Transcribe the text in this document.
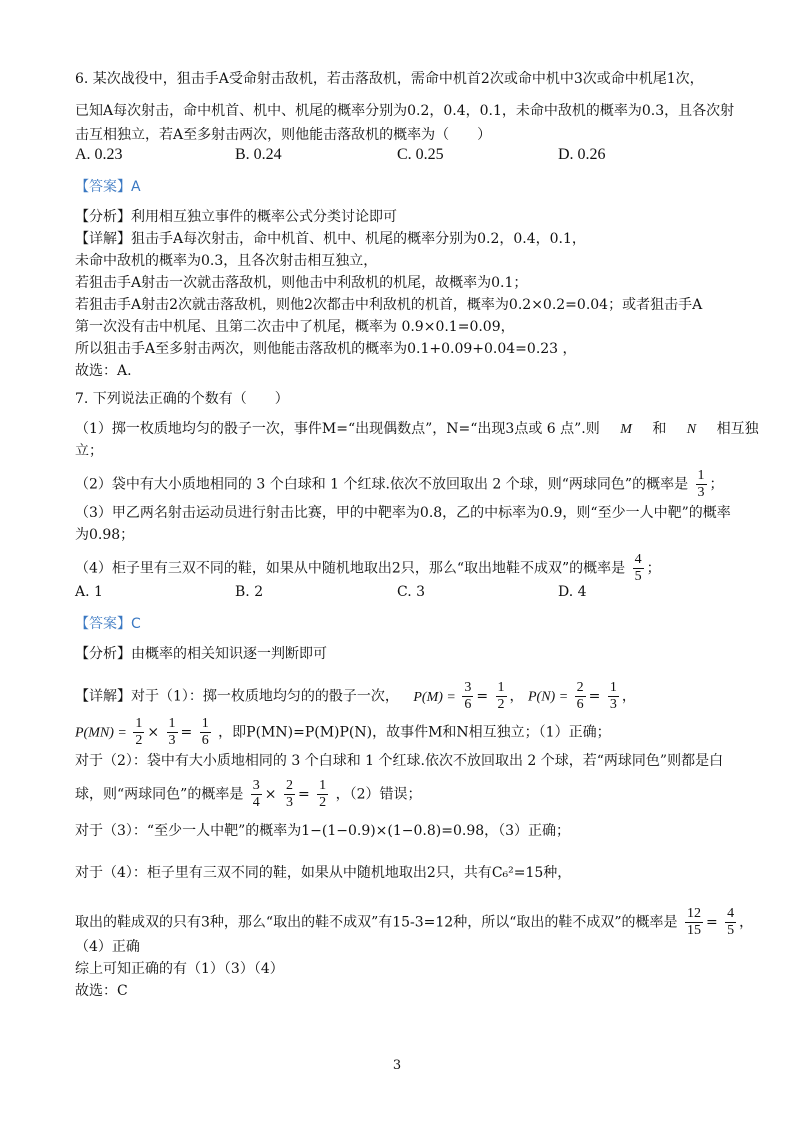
6. 某次战役中，狙击手A受命射击敌机，若击落敌机，需命中机首2次或命中机中3次或命中机尾1次，
已知A每次射击，命中机首、机中、机尾的概率分别为0.2，0.4，0.1，未命中敌机的概率为0.3，且各次射
击互相独立，若A至多射击两次，则他能击落敌机的概率为（　　）
A. 0.23	B. 0.24	C. 0.25	D. 0.26
【答案】A
【分析】利用相互独立事件的概率公式分类讨论即可
【详解】狙击手A每次射击，命中机首、机中、机尾的概率分别为0.2，0.4，0.1，
未命中敌机的概率为0.3，且各次射击相互独立，
若狙击手A射击一次就击落敌机，则他击中利敌机的机尾，故概率为0.1；
若狙击手A射击2次就击落敌机，则他2次都击中利敌机的机首，概率为0.2×0.2=0.04；或者狙击手A
第一次没有击中机尾、且第二次击中了机尾，概率为 0.9×0.1=0.09，
所以狙击手A至多射击两次，则他能击落敌机的概率为0.1+0.09+0.04=0.23 ，
故选：A.
7. 下列说法正确的个数有（　　）
（1）掷一枚质地均匀的骰子一次，事件M=“出现偶数点”，N=“出现3点或 6 点”.则 M 和 N 相互独
立；
（2）袋中有大小质地相同的 3 个白球和 1 个红球.依次不放回取出 2 个球，则“两球同色”的概率是 $\frac{1}{3}$ ；
（3）甲乙两名射击运动员进行射击比赛，甲的中靶率为0.8，乙的中标率为0.9，则“至少一人中靶”的概率
为0.98；
（4）柜子里有三双不同的鞋，如果从中随机地取出2只，那么“取出地鞋不成双”的概率是 $\frac{4}{5}$ ；
A. 1	B. 2	C. 3	D. 4
【答案】C
【分析】由概率的相关知识逐一判断即可
【详解】对于（1）：掷一枚质地均匀的的骰子一次， $P(M) = \frac{3}{6} = \frac{1}{2}$ ， $P(N) = \frac{2}{6} = \frac{1}{3}$ ，
$P(MN) = \frac{1}{2} \times \frac{1}{3} = \frac{1}{6}$ ，即P(MN)=P(M)P(N)，故事件M和N相互独立；（1）正确；
对于（2）：袋中有大小质地相同的 3 个白球和 1 个红球.依次不放回取出 2 个球，若“两球同色”则都是白
球，则“两球同色”的概率是 $\frac{3}{4} \times \frac{2}{3} = \frac{1}{2}$ ，（2）错误；
对于（3）：“至少一人中靶”的概率为1−(1−0.9)×(1−0.8)=0.98，（3）正确；
对于（4）：柜子里有三双不同的鞋，如果从中随机地取出2只，共有C₆²=15种，
取出的鞋成双的只有3种，那么“取出的鞋不成双”有15-3=12种，所以“取出的鞋不成双”的概率是 $\frac{12}{15} = \frac{4}{5}$ ，
（4）正确
综上可知正确的有（1）（3）（4）
故选：C
3
